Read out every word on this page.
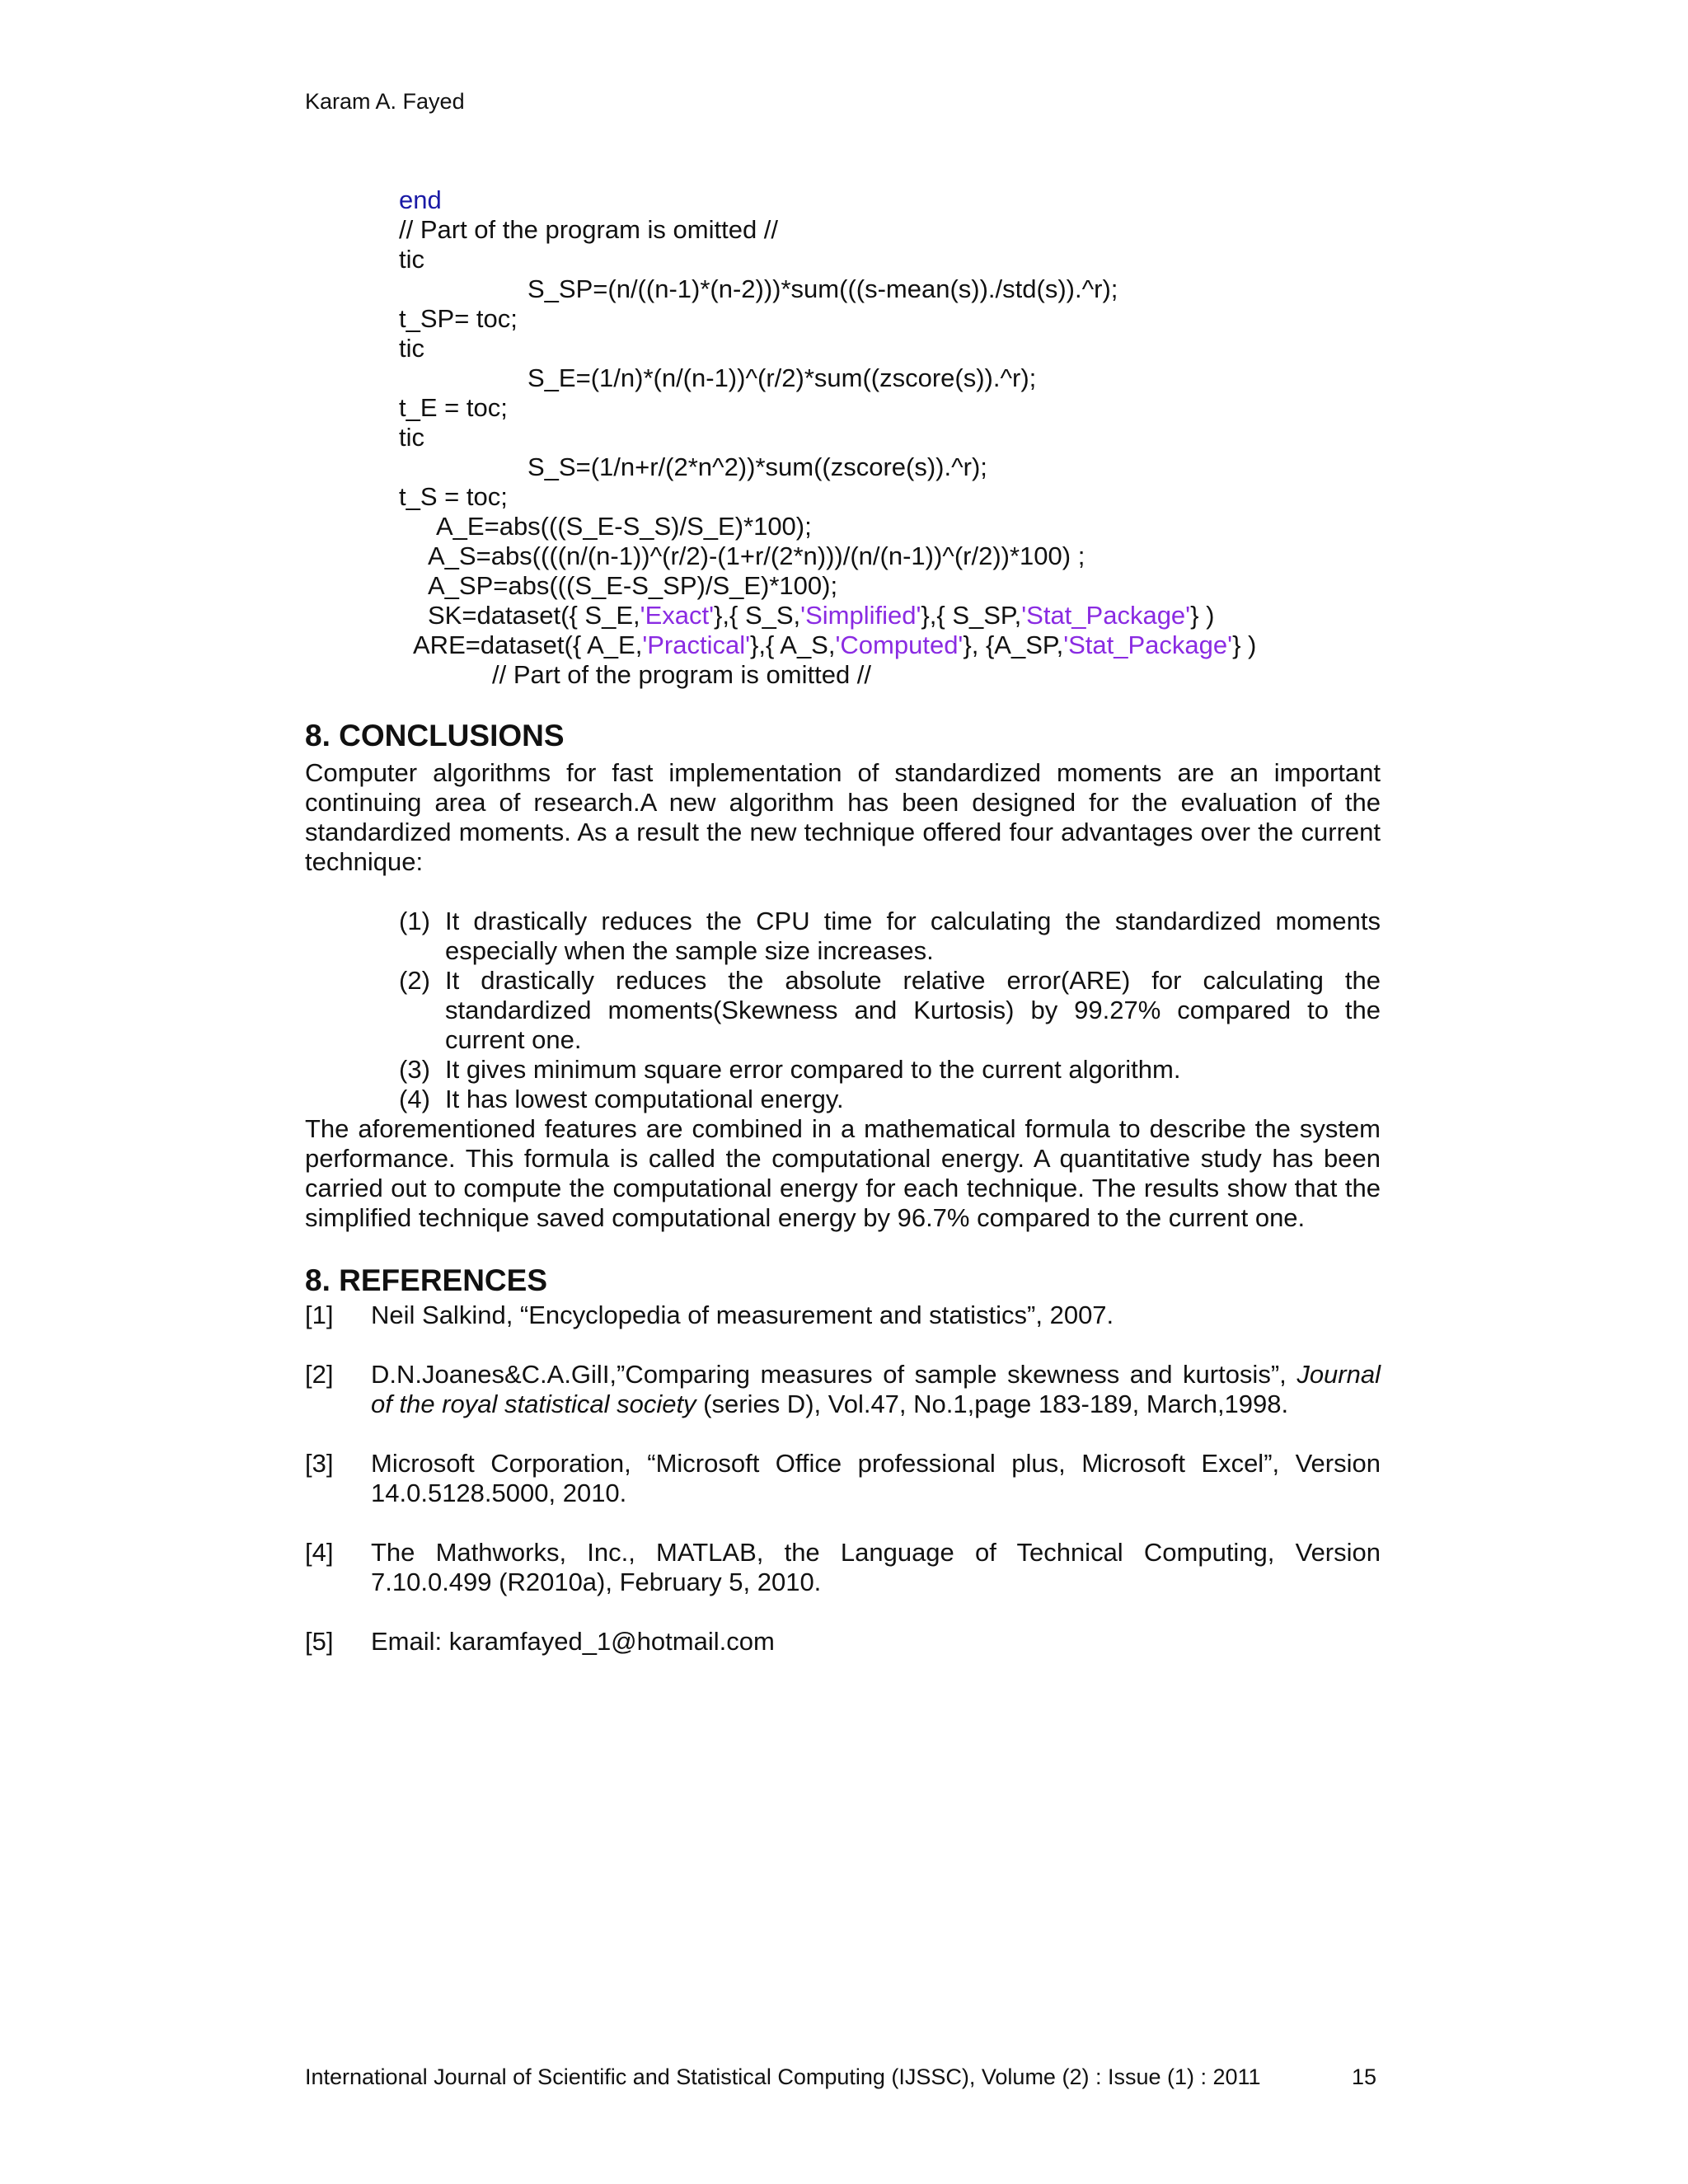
Karam A. Fayed
end
// Part of the program is omitted //
tic
S_SP=(n/((n-1)*(n-2)))*sum(((s-mean(s))./std(s)).^r);
t_SP= toc;
tic
S_E=(1/n)*(n/(n-1))^(r/2)*sum((zscore(s)).^r);
t_E = toc;
tic
S_S=(1/n+r/(2*n^2))*sum((zscore(s)).^r);
t_S = toc;
A_E=abs(((S_E-S_S)/S_E)*100);
A_S=abs((((n/(n-1))^(r/2)-(1+r/(2*n)))/(n/(n-1))^(r/2))*100) ;
A_SP=abs(((S_E-S_SP)/S_E)*100);
SK=dataset({ S_E,'Exact'},{ S_S,'Simplified'},{ S_SP,'Stat_Package'} )
ARE=dataset({ A_E,'Practical'},{ A_S,'Computed'}, {A_SP,'Stat_Package'} )
// Part of the program is omitted //
8. CONCLUSIONS
Computer algorithms for fast implementation of standardized moments are an important continuing area of research.A new algorithm has been designed for the evaluation of the standardized moments. As a result the new technique offered four advantages over the current technique:
(1) It drastically reduces the CPU time for calculating the standardized moments especially when the sample size increases.
(2) It drastically reduces the absolute relative error(ARE) for calculating the standardized moments(Skewness and Kurtosis) by 99.27% compared to the current one.
(3) It gives minimum square error compared to the current algorithm.
(4) It has lowest computational energy.
The aforementioned features are combined in a mathematical formula to describe the system performance. This formula is called the computational energy. A quantitative study has been carried out to compute the computational energy for each technique. The results show that the simplified technique saved computational energy by 96.7% compared to the current one.
8. REFERENCES
[1] Neil Salkind, “Encyclopedia of measurement and statistics”, 2007.
[2] D.N.Joanes&C.A.GilI,”Comparing measures of sample skewness and kurtosis”, Journal of the royal statistical society (series D), Vol.47, No.1,page 183-189, March,1998.
[3] Microsoft Corporation, “Microsoft Office professional plus, Microsoft Excel”, Version 14.0.5128.5000, 2010.
[4] The Mathworks, Inc., MATLAB, the Language of Technical Computing, Version 7.10.0.499 (R2010a), February 5, 2010.
[5] Email: karamfayed_1@hotmail.com
International Journal of Scientific and Statistical Computing (IJSSC), Volume (2) : Issue (1) : 2011	15
